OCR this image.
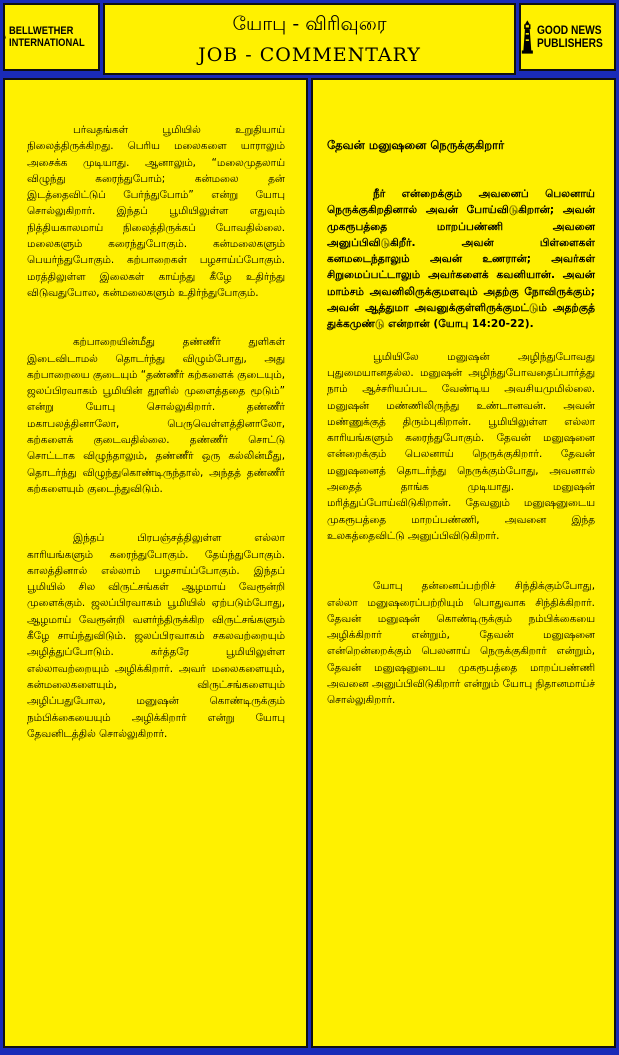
BELLWETHER
INTERNATIONAL
யோபு - விரிவுரை
JOB - COMMENTARY
GOOD NEWS
PUBLISHERS

பர்வதங்கள் பூமியில் உறுதியாய் நிலைத்திருக்கிறது. பெரிய மலைகளை யாராலும் அசைக்க முடியாது. ஆனாலும், “மலைமுதலாய் விழுந்து கரைந்துபோம்; கன்மலை தன் இடத்தைவிட்டுப் பேர்ந்துபோம்” என்று யோபு சொல்லுகிறார். இந்தப் பூமியிலுள்ள எதுவும் நித்தியகாலமாய் நிலைத்திருக்கப் போவதில்லை. மலைகளும் கரைந்துபோகும். கன்மலைகளும் பெயர்ந்துபோகும். கற்பாறைகள் பழசாய்ப்போகும். மரத்திலுள்ள இலைகள் காய்ந்து கீழே உதிர்ந்து விடுவதுபோல, கன்மலைகளும் உதிர்ந்துபோகும்.

கற்பாறையின்மீது தண்ணீர் துளிகள் இடைவிடாமல் தொடர்ந்து விழும்போது, அது கற்பாறையை குடையும் “தண்ணீர் கற்களைக் குடையும், ஜலப்பிரவாகம் பூமியின் தூளில் முளைத்ததை மூடும்” என்று யோபு சொல்லுகிறார். தண்ணீர் மகாபலத்தினாலோ, பெருவெள்ளத்தினாலோ, கற்களைக் குடைவதில்லை. தண்ணீர் சொட்டு சொட்டாக விழுந்தாலும், தண்ணீர் ஒரு கல்லின்மீது, தொடர்ந்து விழுந்துகொண்டிருந்தால், அந்தத் தண்ணீர் கற்களையும் குடைந்துவிடும்.

இந்தப் பிரபஞ்சத்திலுள்ள எல்லா காரியங்களும் கரைந்துபோகும். தேய்ந்துபோகும். காலத்தினால் எல்லாம் பழசாய்ப்போகும். இந்தப் பூமியில் சில விருட்சங்கள் ஆழமாய் வேரூன்றி முளைக்கும். ஜலப்பிரவாகம் பூமியில் ஏற்படும்போது, ஆழமாய் வேரூன்றி வளர்ந்திருக்கிற விருட்சங்களும் கீழே சாய்ந்துவிடும். ஜலப்பிரவாகம் சகலவற்றையும் அழித்துப்போடும். கர்த்தரே பூமியிலுள்ள எல்லாவற்றையும் அழிக்கிறார். அவர் மலைகளையும், கன்மலைகளையும், விருட்சங்களையும் அழிப்பதுபோல, மனுஷன் கொண்டிருக்கும் நம்பிக்கையையும் அழிக்கிறார் என்று யோபு தேவனிடத்தில் சொல்லுகிறார்.

தேவன் மனுஷனை நெருக்குகிறார்

நீர் என்றைக்கும் அவனைப் பெலனாய் நெருக்குகிறதினால் அவன் போய்விடுகிறான்; அவன் முகரூபத்தை மாறப்பண்ணி அவனை அனுப்பிவிடுகிறீர். அவன் பிள்ளைகள் கனமடைந்தாலும் அவன் உணரான்; அவர்கள் சிறுமைப்பட்டாலும் அவர்களைக் கவனியான். அவன் மாம்சம் அவனிலிருக்குமளவும் அதற்கு நோவிருக்கும்; அவன் ஆத்துமா அவனுக்குள்ளிருக்குமட்டும் அதற்குத் துக்கமுண்டு என்றான் (யோபு 14:20-22).

பூமியிலே மனுஷன் அழிந்துபோவது புதுமையானதல்ல. மனுஷன் அழிந்துபோவதைப்பார்த்து நாம் ஆச்சரியப்பட வேண்டிய அவசியமுமில்லை. மனுஷன் மண்ணிலிருந்து உண்டானவன். அவன் மண்ணுக்குத் திரும்புகிறான். பூமியிலுள்ள எல்லா காரியங்களும் கரைந்துபோகும். தேவன் மனுஷனை என்றைக்கும் பெலனாய் நெருக்குகிறார். தேவன் மனுஷனைத் தொடர்ந்து நெருக்கும்போது, அவனால் அதைத் தாங்க முடியாது. மனுஷன் மரித்துப்போய்விடுகிறான். தேவனும் மனுஷனுடைய முகரூபத்தை மாறப்பண்ணி, அவனை இந்த உலகத்தைவிட்டு அனுப்பிவிடுகிறார்.

யோபு தன்னைப்பற்றிச் சிந்திக்கும்போது, எல்லா மனுஷரைப்பற்றியும் பொதுவாக சிந்திக்கிறார். தேவன் மனுஷன் கொண்டிருக்கும் நம்பிக்கையை அழிக்கிறார் என்றும், தேவன் மனுஷனை என்றென்றைக்கும் பெலனாய் நெருக்குகிறார் என்றும், தேவன் மனுஷனுடைய முகரூபத்தை மாறப்பண்ணி அவனை அனுப்பிவிடுகிறார் என்றும் யோபு நிதானமாய்ச் சொல்லுகிறார்.
